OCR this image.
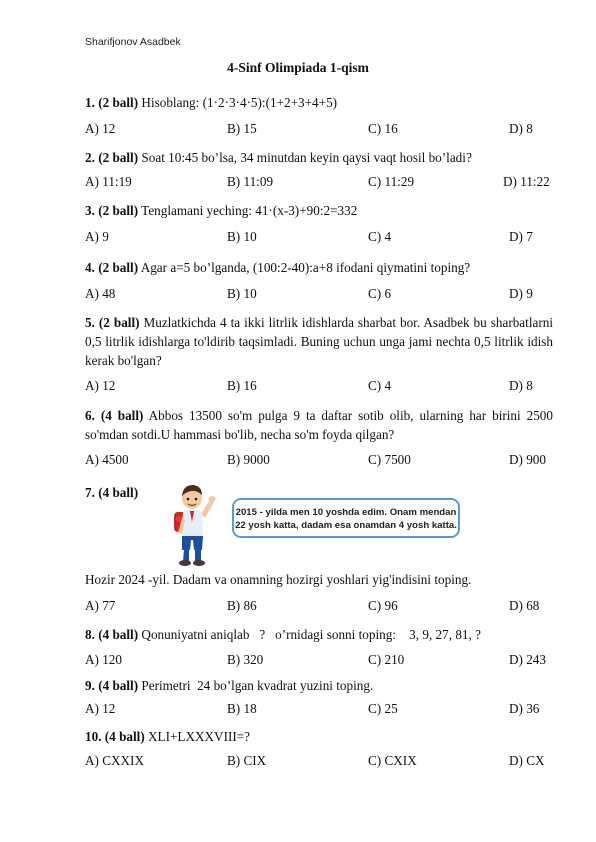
Sharifjonov Asadbek
4-Sinf Olimpiada 1-qism
1. (2 ball) Hisoblang: (1·2·3·4·5):(1+2+3+4+5)
A) 12	B) 15	C) 16	D) 8
2. (2 ball) Soat 10:45 bo’lsa, 34 minutdan keyin qaysi vaqt hosil bo’ladi?
A) 11:19	B) 11:09	C) 11:29	D) 11:22
3. (2 ball) Tenglamani yeching: 41·(x-3)+90:2=332
A) 9	B) 10	C) 4	D) 7
4. (2 ball) Agar a=5 bo’lganda, (100:2-40):a+8 ifodani qiymatini toping?
A) 48	B) 10	C) 6	D) 9
5. (2 ball) Muzlatkichda 4 ta ikki litrlik idishlarda sharbat bor. Asadbek bu sharbatlarni 0,5 litrlik idishlarga to'ldirib taqsimladi. Buning uchun unga jami nechta 0,5 litrlik idish kerak bo'lgan?
A) 12	B) 16	C) 4	D) 8
6. (4 ball) Abbos 13500 so'm pulga 9 ta daftar sotib olib, ularning har birini 2500 so'mdan sotdi.U hammasi bo'lib, necha so'm foyda qilgan?
A) 4500	B) 9000	C) 7500	D) 900
7. (4 ball)
2015 - yilda men 10 yoshda edim. Onam mendan 22 yosh katta, dadam esa onamdan 4 yosh katta.
Hozir 2024 -yil. Dadam va onamning hozirgi yoshlari yig'indisini toping.
A) 77	B) 86	C) 96	D) 68
8. (4 ball) Qonuniyatni aniqlab   ?   o’rnidagi sonni toping:    3, 9, 27, 81, ?
A) 120	B) 320	C) 210	D) 243
9. (4 ball) Perimetri  24 bo’lgan kvadrat yuzini toping.
A) 12	B) 18	C) 25	D) 36
10. (4 ball) XLI+LXXXVIII=?
A) CXXIX	B) CIX	C) CXIX	D) CX
